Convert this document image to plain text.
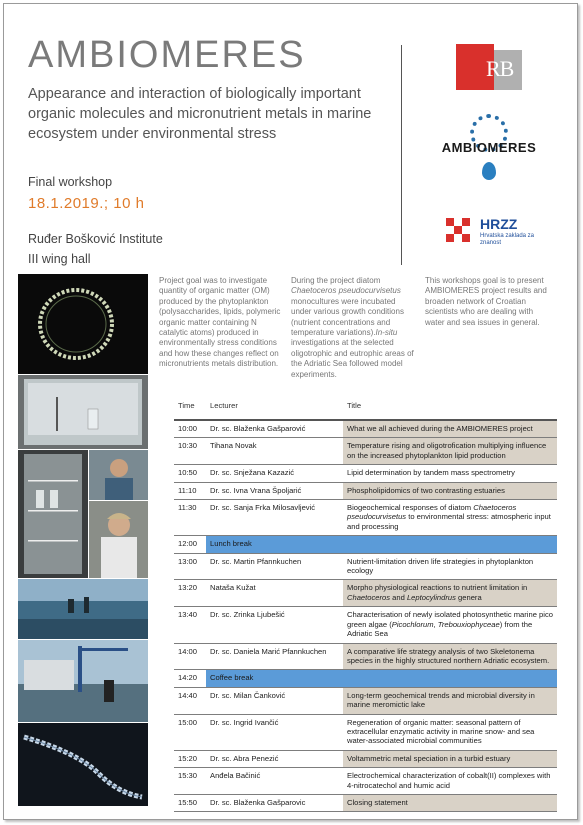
AMBIOMERES
Appearance and interaction of biologically important organic molecules and micronutrient metals in marine ecosystem under environmental stress
Final workshop
18.1.2019.; 10 h
Ruđer Bošković Institute
III wing hall
RB
AMBIOMERES
HRZZ
Hrvatska zaklada za znanost
Project goal was to investigate quantity of organic matter (OM) produced by the phytoplankton (polysaccharides, lipids, polymeric organic matter containing N catalytic atoms) produced in environmentally stress conditions and how these changes reflect on micronutrients metals distribution.
During the project diatom Chaetoceros pseudocurvisetus monocultures were incubated under various growth conditions (nutrient concentrations and temperature variations).In-situ investigations at the selected oligotrophic and eutrophic areas of the Adriatic Sea followed model experiments.
This workshops goal is to present AMBIOMERES project results and broaden network of Croatian scientists who are dealing with water and sea issues in general.
Time	Lecturer	Title
10:00	Dr. sc. Blaženka Gašparović	What we all achieved during the AMBIOMERES project
10:30	Tihana Novak	Temperature rising and oligotrofication multiplying influence on the increased phytoplankton lipid production
10:50	Dr. sc. Snježana Kazazić	Lipid determination by tandem mass spectrometry
11:10	Dr. sc. Ivna Vrana Špoljarić	Phospholipidomics of two contrasting estuaries
11:30	Dr. sc. Sanja Frka Milosavljević	Biogeochemical responses of diatom Chaetoceros pseudocurvisetus to environmental stress: atmospheric input and processing
12:00	Lunch break	
13:00	Dr. sc. Martin Pfannkuchen	Nutrient-limitation driven life strategies in phytoplankton ecology
13:20	Nataša Kužat	Morpho physiological reactions to nutrient limitation in Chaetoceros and Leptocylindrus genera
13:40	Dr. sc. Zrinka Ljubešić	Characterisation of newly isolated photosynthetic marine pico green algae (Picochlorum, Trebouxiophyceae) from the Adriatic Sea
14:00	Dr. sc. Daniela Marić Pfannkuchen	A comparative life strategy analysis of two Skeletonema species in the highly structured northern Adriatic ecosystem.
14:20	Coffee break	
14:40	Dr. sc. Milan Čanković	Long-term geochemical trends and microbial diversity in marine meromictic lake
15:00	Dr. sc. Ingrid Ivančić	Regeneration of organic matter: seasonal pattern of extracellular enzymatic activity in marine snow- and sea water-associated microbial communities
15:20	Dr. sc. Abra Penezić	Voltammetric metal speciation in a turbid estuary
15:30	Anđela Bačinić	Electrochemical characterization of cobalt(II) complexes with 4-nitrocatechol and humic acid
15:50	Dr. sc. Blaženka Gašparovic	Closing statement
